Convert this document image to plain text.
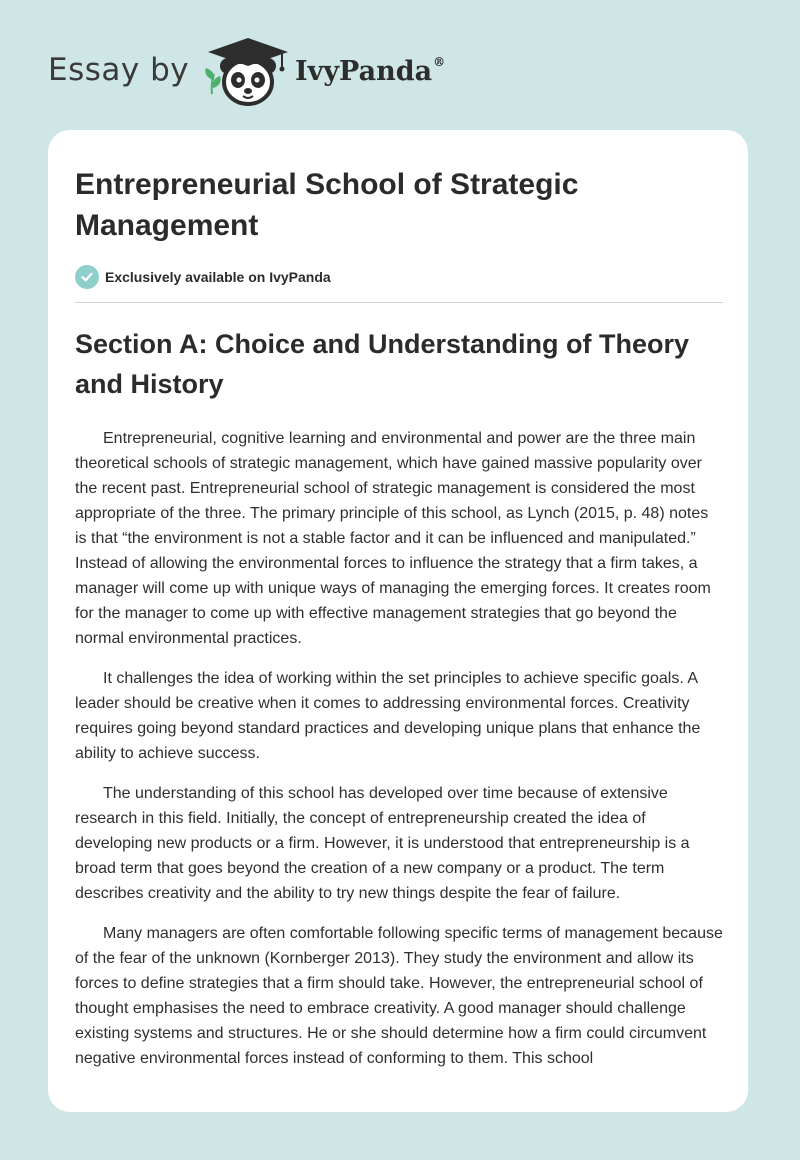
Essay by	IvyPanda®
Entrepreneurial School of Strategic Management
Exclusively available on IvyPanda
Section A: Choice and Understanding of Theory and History

Entrepreneurial, cognitive learning and environmental and power are the three main theoretical schools of strategic management, which have gained massive popularity over the recent past. Entrepreneurial school of strategic management is considered the most appropriate of the three. The primary principle of this school, as Lynch (2015, p. 48) notes is that “the environment is not a stable factor and it can be influenced and manipulated.” Instead of allowing the environmental forces to influence the strategy that a firm takes, a manager will come up with unique ways of managing the emerging forces. It creates room for the manager to come up with effective management strategies that go beyond the normal environmental practices.

It challenges the idea of working within the set principles to achieve specific goals. A leader should be creative when it comes to addressing environmental forces. Creativity requires going beyond standard practices and developing unique plans that enhance the ability to achieve success.

The understanding of this school has developed over time because of extensive research in this field. Initially, the concept of entrepreneurship created the idea of developing new products or a firm. However, it is understood that entrepreneurship is a broad term that goes beyond the creation of a new company or a product. The term describes creativity and the ability to try new things despite the fear of failure.

Many managers are often comfortable following specific terms of management because of the fear of the unknown (Kornberger 2013). They study the environment and allow its forces to define strategies that a firm should take. However, the entrepreneurial school of thought emphasises the need to embrace creativity. A good manager should challenge existing systems and structures. He or she should determine how a firm could circumvent negative environmental forces instead of conforming to them. This school
